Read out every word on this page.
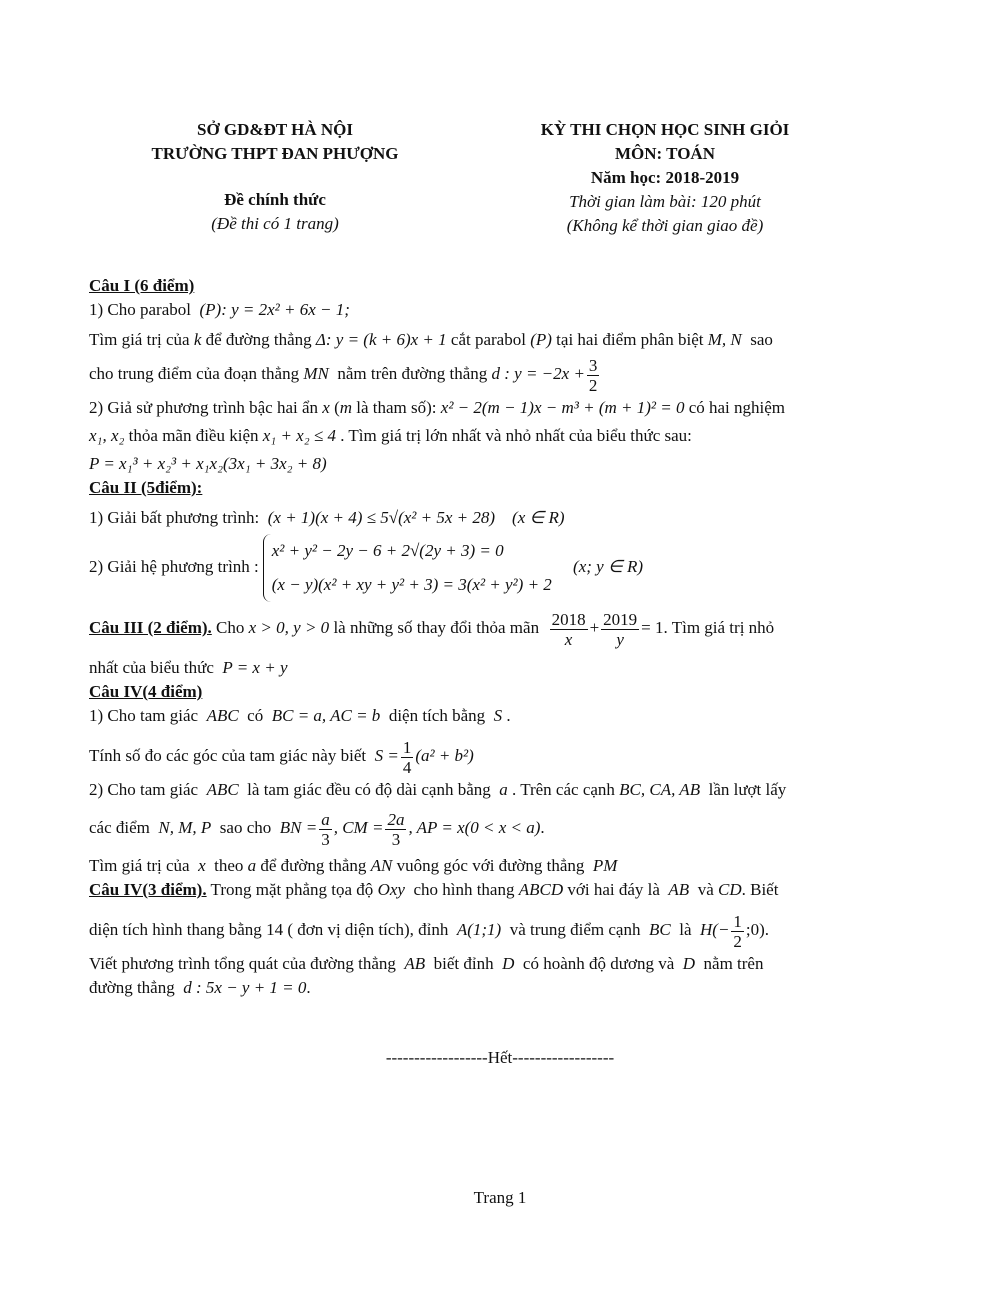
SỞ GD&ĐT HÀ NỘI
TRƯỜNG THPT ĐAN PHƯỢNG
Đề chính thức
(Đề thi có 1 trang)
KỲ THI CHỌN HỌC SINH GIỎI
MÔN: TOÁN
Năm học: 2018-2019
Thời gian làm bài: 120 phút
(Không kể thời gian giao đề)
Câu I (6 điểm)
1) Cho parabol (P): y = 2x² + 6x − 1;
Tìm giá trị của k để đường thẳng Δ: y = (k + 6)x + 1 cắt parabol (P) tại hai điểm phân biệt M, N sao
cho trung điểm của đoạn thẳng MN nằm trên đường thẳng d : $y = -2x + \frac{3}{2}$
2) Giả sử phương trình bậc hai ẩn x (m là tham số): x² − 2(m − 1)x − m³ + (m + 1)² = 0 có hai nghiệm
x₁, x₂ thỏa mãn điều kiện x₁ + x₂ ≤ 4 . Tìm giá trị lớn nhất và nhỏ nhất của biểu thức sau:
P = x₁³ + x₂³ + x₁x₂(3x₁ + 3x₂ + 8)
Câu II (5điểm):
1) Giải bất phương trình: (x + 1)(x + 4) ≤ 5√(x² + 5x + 28) (x ∈ R)
2) Giải hệ phương trình :
x² + y² − 2y − 6 + 2√(2y + 3) = 0
(x − y)(x² + xy + y² + 3) = 3(x² + y²) + 2
(x; y ∈ R)
Câu III (2 điểm). Cho x > 0, y > 0 là những số thay đổi thỏa mãn $\frac{2018}{x} + \frac{2019}{y} = 1$. Tìm giá trị nhỏ
nhất của biểu thức P = x + y
Câu IV(4 điểm)
1) Cho tam giác ABC có BC = a, AC = b diện tích bằng S .
Tính số đo các góc của tam giác này biết $S = \frac{1}{4} (a^2 + b^2)$
2) Cho tam giác ABC là tam giác đều có độ dài cạnh bằng a . Trên các cạnh BC, CA, AB lần lượt lấy
các điểm N, M, P sao cho BN = $\frac{a}{3}$ , CM = $\frac{2a}{3}$ , AP = x(0 < x < a).
Tìm giá trị của x theo a để đường thẳng AN vuông góc với đường thẳng PM
Câu IV(3 điểm). Trong mặt phẳng tọa độ Oxy cho hình thang ABCD với hai đáy là AB và CD. Biết
diện tích hình thang bằng 14 ( đơn vị diện tích), đỉnh A(1;1) và trung điểm cạnh BC là $H(- \frac{1}{2}$ ;0).
Viết phương trình tổng quát của đường thẳng AB biết đỉnh D có hoành độ dương và D nằm trên
đường thẳng d : 5x − y + 1 = 0.
------------------Hết------------------
Trang 1
